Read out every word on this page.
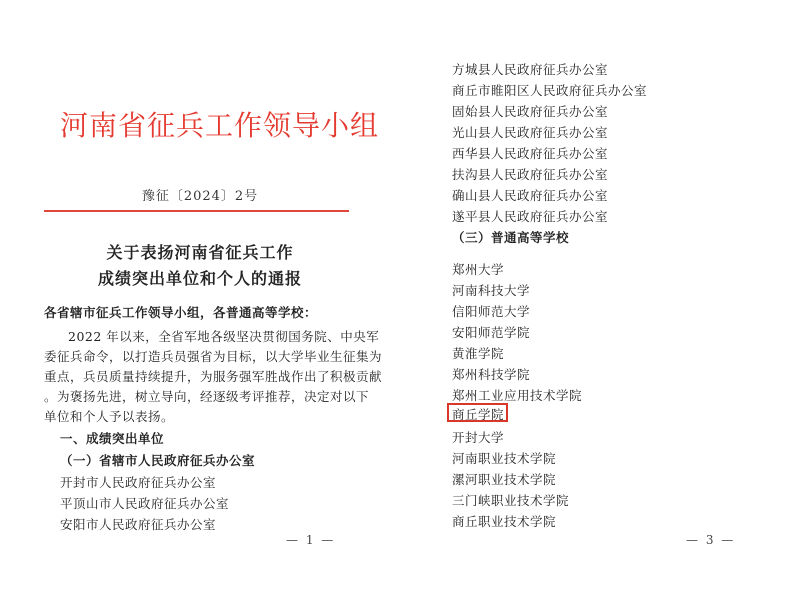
河南省征兵工作领导小组
豫征〔2024〕2号
关于表扬河南省征兵工作
成绩突出单位和个人的通报
各省辖市征兵工作领导小组，各普通高等学校：
2022 年以来，全省军地各级坚决贯彻国务院、中央军
委征兵命令，以打造兵员强省为目标，以大学毕业生征集为
重点，兵员质量持续提升，为服务强军胜战作出了积极贡献
。为褒扬先进，树立导向，经逐级考评推荐，决定对以下
单位和个人予以表扬。
一、成绩突出单位
（一）省辖市人民政府征兵办公室
开封市人民政府征兵办公室
平顶山市人民政府征兵办公室
安阳市人民政府征兵办公室
— 1 —
方城县人民政府征兵办公室
商丘市睢阳区人民政府征兵办公室
固始县人民政府征兵办公室
光山县人民政府征兵办公室
西华县人民政府征兵办公室
扶沟县人民政府征兵办公室
确山县人民政府征兵办公室
遂平县人民政府征兵办公室
（三）普通高等学校
郑州大学
河南科技大学
信阳师范大学
安阳师范学院
黄淮学院
郑州科技学院
郑州工业应用技术学院
商丘学院
开封大学
河南职业技术学院
漯河职业技术学院
三门峡职业技术学院
商丘职业技术学院
— 3 —
